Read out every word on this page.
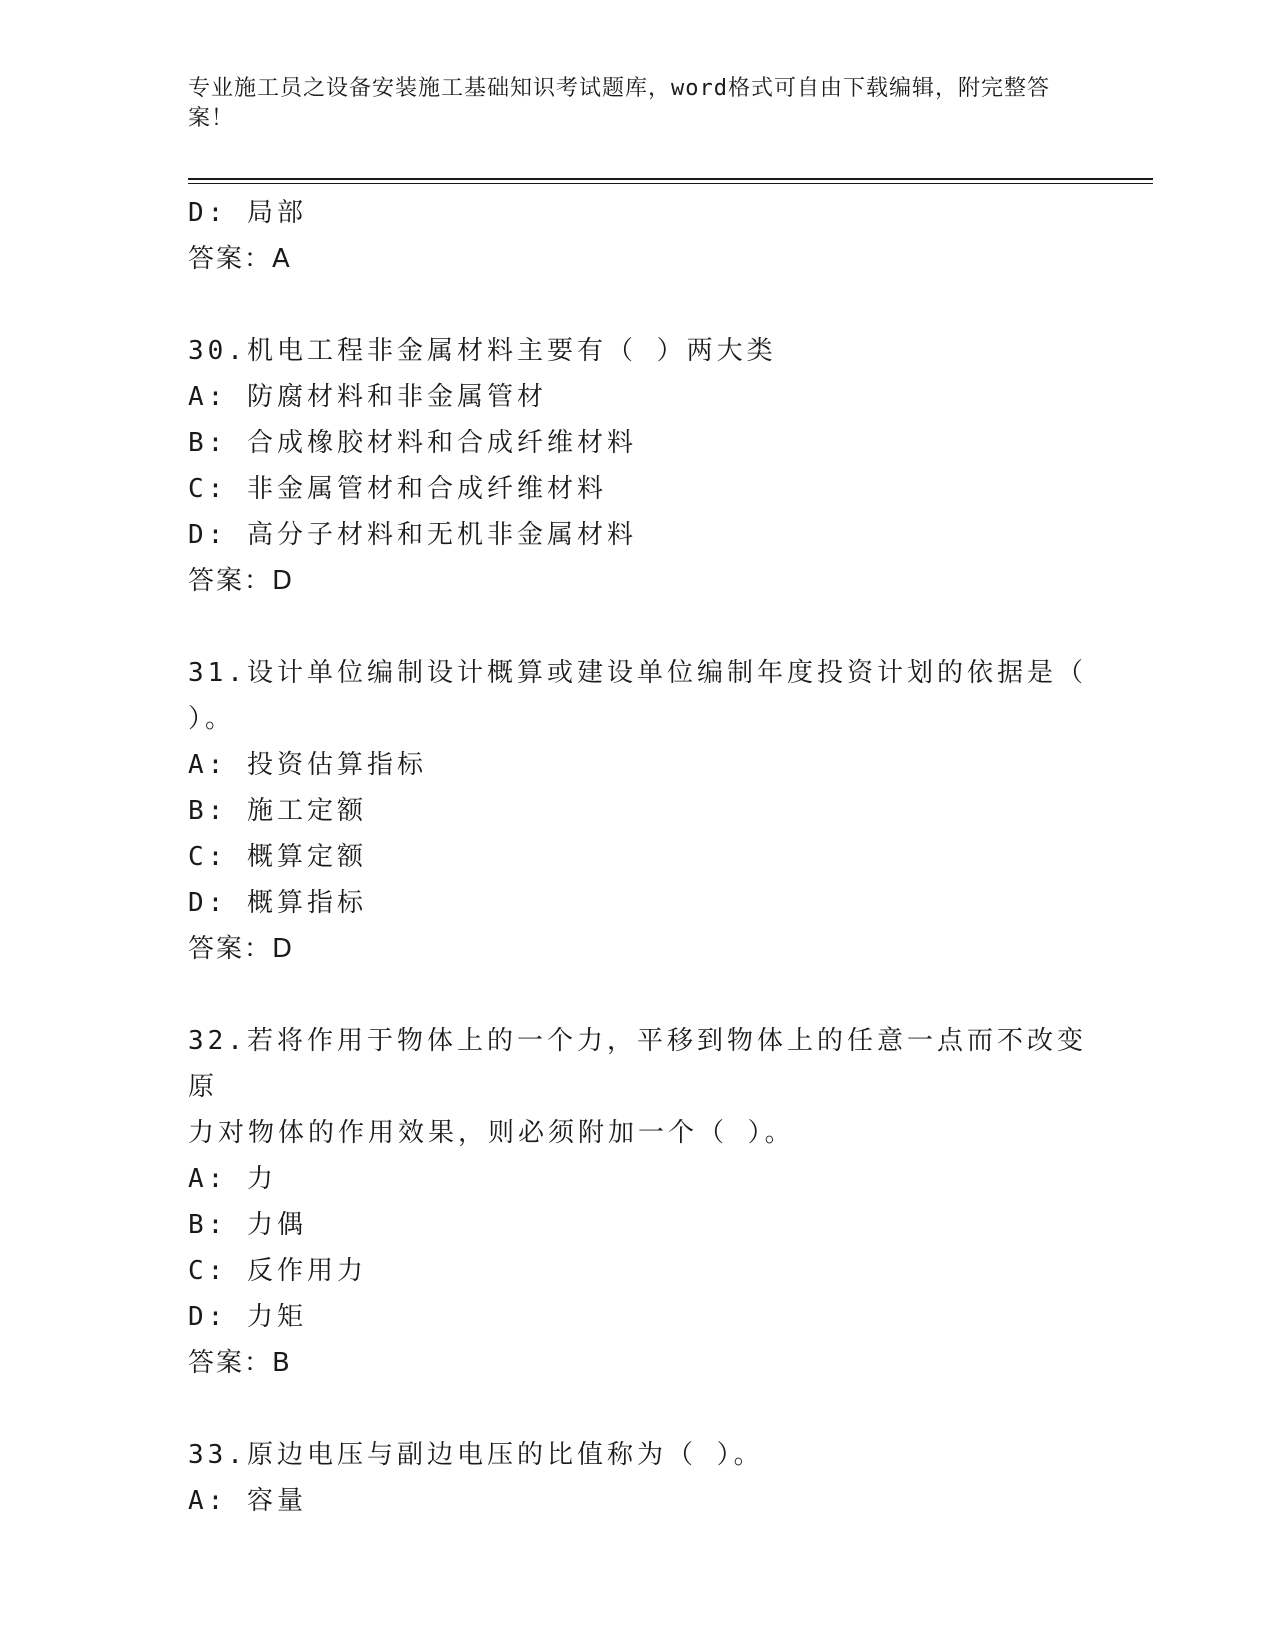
专业施工员之设备安装施工基础知识考试题库，word格式可自由下载编辑，附完整答案！
D: 局部
答案：A
30.机电工程非金属材料主要有（ ）两大类
A: 防腐材料和非金属管材
B: 合成橡胶材料和合成纤维材料
C: 非金属管材和合成纤维材料
D: 高分子材料和无机非金属材料
答案：D
31.设计单位编制设计概算或建设单位编制年度投资计划的依据是（
）。
A: 投资估算指标
B: 施工定额
C: 概算定额
D: 概算指标
答案：D
32.若将作用于物体上的一个力，平移到物体上的任意一点而不改变原
力对物体的作用效果，则必须附加一个（ ）。
A: 力
B: 力偶
C: 反作用力
D: 力矩
答案：B
33.原边电压与副边电压的比值称为（ ）。
A: 容量
